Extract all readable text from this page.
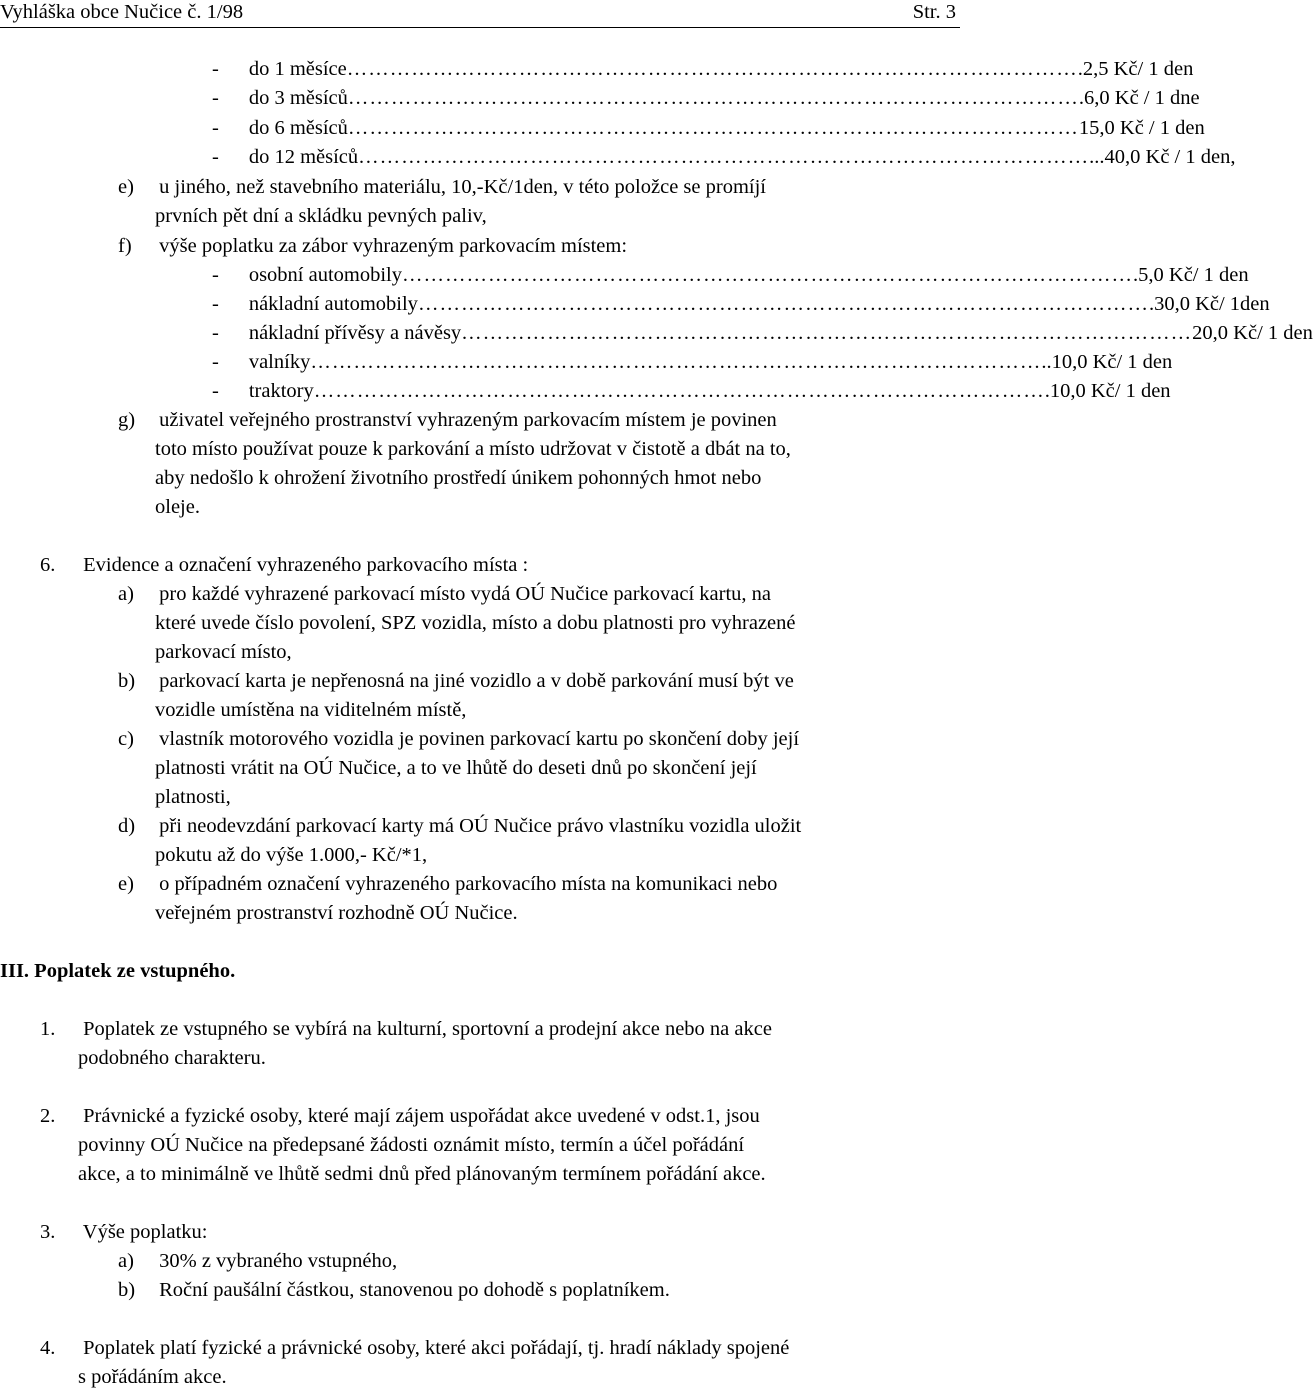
Vyhláška obce Nučice č. 1/98	Str. 3
- do 1 měsíce ………………………………………………………………………………………… .2,5 Kč/ 1 den
- do 3 měsíců ………………………………………………………………………………………… .6,0 Kč / 1 dne
- do 6 měsíců ………………………………………………………………………………………… 15,0 Kč / 1 den
- do 12 měsíců ………………………………………………………………………………………… ...40,0 Kč / 1 den,
e) u jiného, než stavebního materiálu, 10,-Kč/1den, v této položce se promíjí
prvních pět dní a skládku pevných paliv,
f) výše poplatku za zábor vyhrazeným parkovacím místem:
- osobní automobily ………………………………………………………………………………………… .5,0 Kč/ 1 den
- nákladní automobily ………………………………………………………………………………………… .30,0 Kč/ 1den
- nákladní přívěsy a návěsy ………………………………………………………………………………………… 20,0 Kč/ 1 den
- valníky ………………………………………………………………………………………… ..10,0 Kč/ 1 den
- traktory ………………………………………………………………………………………… .10,0 Kč/ 1 den
g) uživatel veřejného prostranství vyhrazeným parkovacím místem je povinen
toto místo používat pouze k parkování a místo udržovat v čistotě a dbát na to,
aby nedošlo k ohrožení životního prostředí únikem pohonných hmot nebo
oleje.
6. Evidence a označení vyhrazeného parkovacího místa :
a) pro každé vyhrazené parkovací místo vydá OÚ Nučice parkovací kartu, na
které uvede číslo povolení, SPZ vozidla, místo a dobu platnosti pro vyhrazené
parkovací místo,
b) parkovací karta je nepřenosná na jiné vozidlo a v době parkování musí být ve
vozidle umístěna na viditelném místě,
c) vlastník motorového vozidla je povinen parkovací kartu po skončení doby její
platnosti vrátit na OÚ Nučice, a to ve lhůtě do deseti dnů po skončení její
platnosti,
d) při neodevzdání parkovací karty má OÚ Nučice právo vlastníku vozidla uložit
pokutu až do výše 1.000,- Kč/*1,
e) o případném označení vyhrazeného parkovacího místa na komunikaci nebo
veřejném prostranství rozhodně OÚ Nučice.
III. Poplatek ze vstupného.
1. Poplatek ze vstupného se vybírá na kulturní, sportovní a prodejní akce nebo na akce
podobného charakteru.
2. Právnické a fyzické osoby, které mají zájem uspořádat akce uvedené v odst.1, jsou
povinny OÚ Nučice na předepsané žádosti oznámit místo, termín a účel pořádání
akce, a to minimálně ve lhůtě sedmi dnů před plánovaným termínem pořádání akce.
3. Výše poplatku:
a) 30% z vybraného vstupného,
b) Roční paušální částkou, stanovenou po dohodě s poplatníkem.
4. Poplatek platí fyzické a právnické osoby, které akci pořádají, tj. hradí náklady spojené
s pořádáním akce.
